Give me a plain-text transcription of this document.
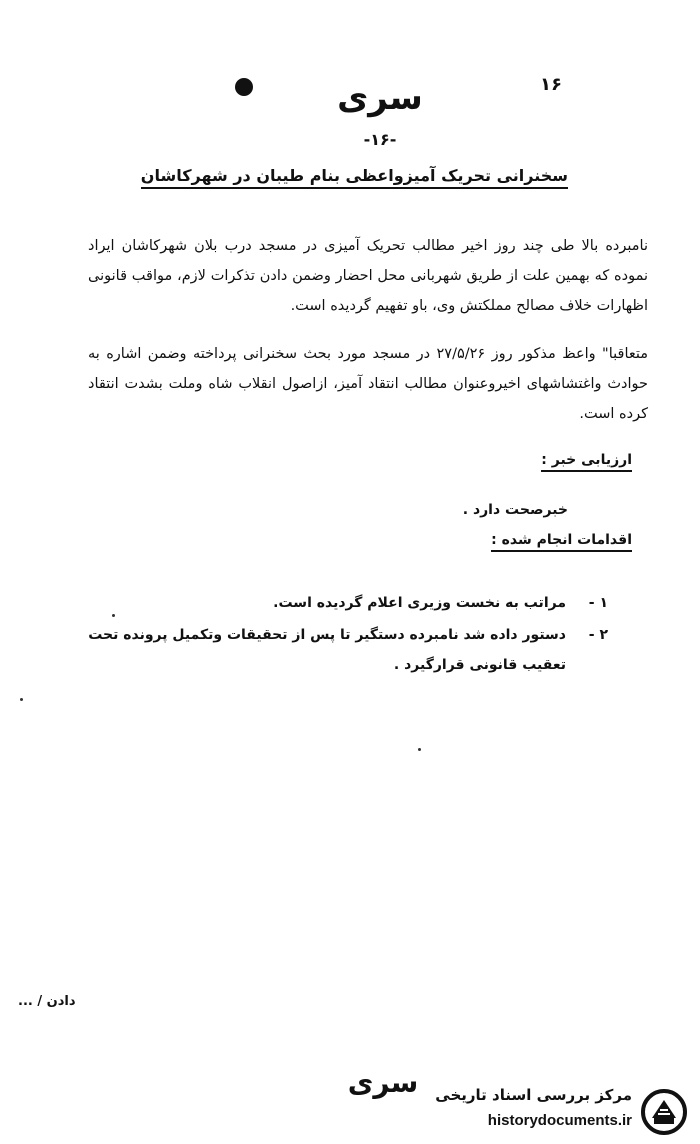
۱۶
سری
-۱۶-
سخنرانی تحریک آمیزواعظی بنام طیبان در شهرکاشان

نامبرده بالا طی چند روز اخیر مطالب تحریک آمیزی در مسجد درب بلان شهرکاشان ایراد نموده که بهمین علت از طریق شهربانی محل احضار وضمن دادن تذکرات لازم، مواقب قانونی اظهارات خلاف مصالح مملکتش وی، باو تفهیم گردیده است.

متعاقبا" واعظ مذکور روز ۲۷/۵/۲۶ در مسجد مورد بحث سخنرانی پرداخته وضمن اشاره به حوادث واغتشاشهای اخیروعنوان مطالب انتقاد آمیز، ازاصول انقلاب شاه وملت بشدت انتقاد کرده است.

ارزیابی خبر :
خبرصحت دارد .
اقدامات انجام شده :
۱ -
مراتب به نخست وزیری اعلام گردیده است.
۲ -
دستور داده شد نامبرده دستگیر تا پس از تحقیقات وتکمیل پرونده تحت تعقیب قانونی قرارگیرد .
دادن / ...
سری	مرکز بررسی اسناد تاریخی
historydocuments.ir
